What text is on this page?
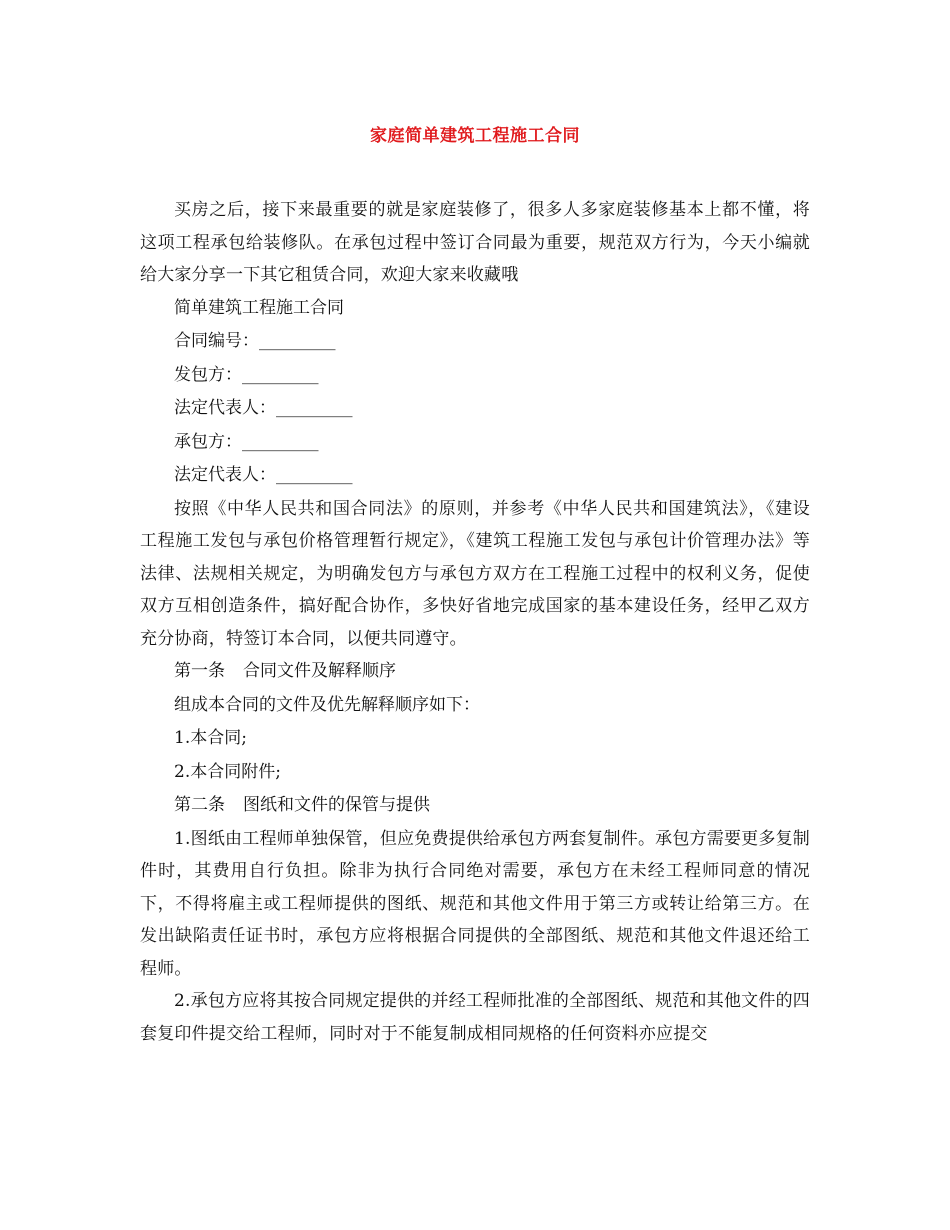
家庭简单建筑工程施工合同

买房之后，接下来最重要的就是家庭装修了，很多人多家庭装修基本上都不懂，将这项工程承包给装修队。在承包过程中签订合同最为重要，规范双方行为，今天小编就给大家分享一下其它租赁合同，欢迎大家来收藏哦

简单建筑工程施工合同

合同编号：_________

发包方：_________

法定代表人：_________

承包方：_________

法定代表人：_________

按照《中华人民共和国合同法》的原则，并参考《中华人民共和国建筑法》，《建设工程施工发包与承包价格管理暂行规定》，《建筑工程施工发包与承包计价管理办法》等法律、法规相关规定，为明确发包方与承包方双方在工程施工过程中的权利义务，促使双方互相创造条件，搞好配合协作，多快好省地完成国家的基本建设任务，经甲乙双方充分协商，特签订本合同，以便共同遵守。

第一条 合同文件及解释顺序

组成本合同的文件及优先解释顺序如下：

1.本合同;

2.本合同附件;

第二条 图纸和文件的保管与提供

1.图纸由工程师单独保管，但应免费提供给承包方两套复制件。承包方需要更多复制件时，其费用自行负担。除非为执行合同绝对需要，承包方在未经工程师同意的情况下，不得将雇主或工程师提供的图纸、规范和其他文件用于第三方或转让给第三方。在发出缺陷责任证书时，承包方应将根据合同提供的全部图纸、规范和其他文件退还给工程师。

2.承包方应将其按合同规定提供的并经工程师批准的全部图纸、规范和其他文件的四套复印件提交给工程师，同时对于不能复制成相同规格的任何资料亦应提交
